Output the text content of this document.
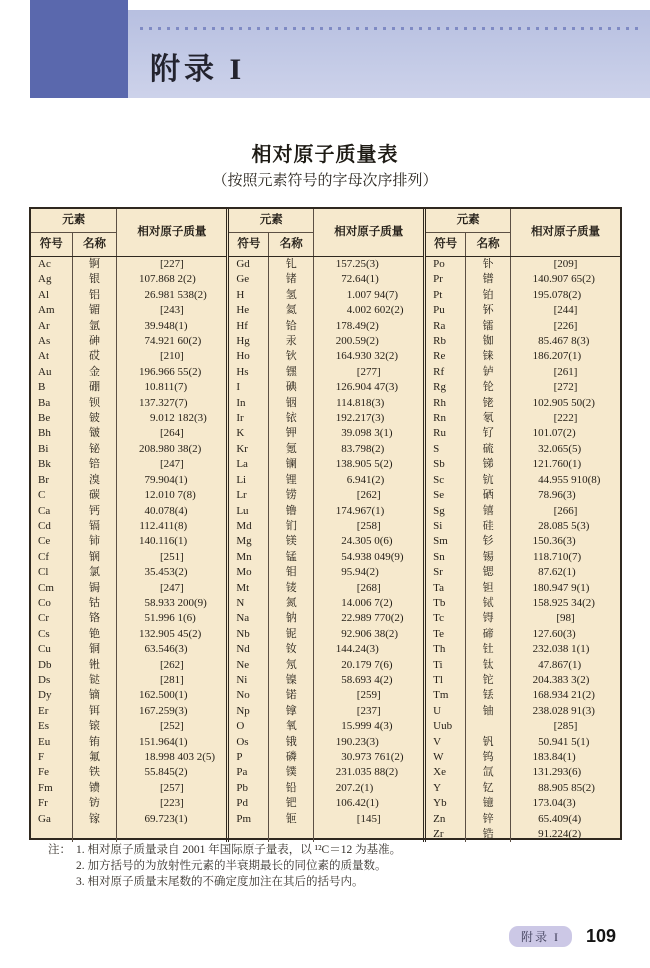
附录 I
相对原子质量表
（按照元素符号的字母次序排列）
元素		相对原子质量
符号	名称	
Ac	锕	[227]

Ag	银	107 .868 2(2)

Al	铝	26 .981 538(2)

Am	镅	[243]

Ar	氩	39 .948(1)

As	砷	74 .921 60(2)

At	砹	[210]

Au	金	196 .966 55(2)

B	硼	10 .811(7)

Ba	钡	137 .327(7)

Be	铍	9 .012 182(3)

Bh	𬭛	[264]

Bi	铋	208 .980 38(2)

Bk	锫	[247]

Br	溴	79 .904(1)

C	碳	12 .010 7(8)

Ca	钙	40 .078(4)

Cd	镉	112 .411(8)

Ce	铈	140 .116(1)

Cf	锎	[251]

Cl	氯	35 .453(2)

Cm	锔	[247]

Co	钴	58 .933 200(9)

Cr	铬	51 .996 1(6)

Cs	铯	132 .905 45(2)

Cu	铜	63 .546(3)

Db	𬭊	[262]

Ds	𫟼	[281]

Dy	镝	162 .500(1)

Er	铒	167 .259(3)

Es	锿	[252]

Eu	铕	151 .964(1)

F	氟	18 .998 403 2(5)

Fe	铁	55 .845(2)

Fm	镄	[257]

Fr	钫	[223]

Ga	镓	69 .723(1)

元素		相对原子质量
符号	名称	
Gd	钆	157 .25(3)

Ge	锗	72 .64(1)

H	氢	1 .007 94(7)

He	氦	4 .002 602(2)

Hf	铪	178 .49(2)

Hg	汞	200 .59(2)

Ho	钬	164 .930 32(2)

Hs	𬭶	[277]

I	碘	126 .904 47(3)

In	铟	114 .818(3)

Ir	铱	192 .217(3)

K	钾	39 .098 3(1)

Kr	氪	83 .798(2)

La	镧	138 .905 5(2)

Li	锂	6 .941(2)

Lr	铹	[262]

Lu	镥	174 .967(1)

Md	钔	[258]

Mg	镁	24 .305 0(6)

Mn	锰	54 .938 049(9)

Mo	钼	95 .94(2)

Mt	鿏	[268]

N	氮	14 .006 7(2)

Na	钠	22 .989 770(2)

Nb	铌	92 .906 38(2)

Nd	钕	144 .24(3)

Ne	氖	20 .179 7(6)

Ni	镍	58 .693 4(2)

No	锘	[259]

Np	镎	[237]

O	氧	15 .999 4(3)

Os	锇	190 .23(3)

P	磷	30 .973 761(2)

Pa	镤	231 .035 88(2)

Pb	铅	207 .2(1)

Pd	钯	106 .42(1)

Pm	钷	[145]

元素		相对原子质量
符号	名称	
Po	钋	[209]

Pr	镨	140 .907 65(2)

Pt	铂	195 .078(2)

Pu	钚	[244]

Ra	镭	[226]

Rb	铷	85 .467 8(3)

Re	铼	186 .207(1)

Rf	𬬻	[261]

Rg	𬬭	[272]

Rh	铑	102 .905 50(2)

Rn	氡	[222]

Ru	钌	101 .07(2)

S	硫	32 .065(5)

Sb	锑	121 .760(1)

Sc	钪	44 .955 910(8)

Se	硒	78 .96(3)

Sg	𬭳	[266]

Si	硅	28 .085 5(3)

Sm	钐	150 .36(3)

Sn	锡	118 .710(7)

Sr	锶	87 .62(1)

Ta	钽	180 .947 9(1)

Tb	铽	158 .925 34(2)

Tc	锝	[98]

Te	碲	127 .60(3)

Th	钍	232 .038 1(1)

Ti	钛	47 .867(1)

Tl	铊	204 .383 3(2)

Tm	铥	168 .934 21(2)

U	铀	238 .028 91(3)

Uub		[285]

V	钒	50 .941 5(1)

W	钨	183 .84(1)

Xe	氙	131 .293(6)

Y	钇	88 .905 85(2)

Yb	镱	173 .04(3)

Zn	锌	65 .409(4)

Zr	锆	91 .224(2)
注： 1. 相对原子质量录自 2001 年国际原子量表，以 ¹²C＝12 为基准。
2. 加方括号的为放射性元素的半衰期最长的同位素的质量数。
3. 相对原子质量末尾数的不确定度加注在其后的括号内。
附录 I	109
